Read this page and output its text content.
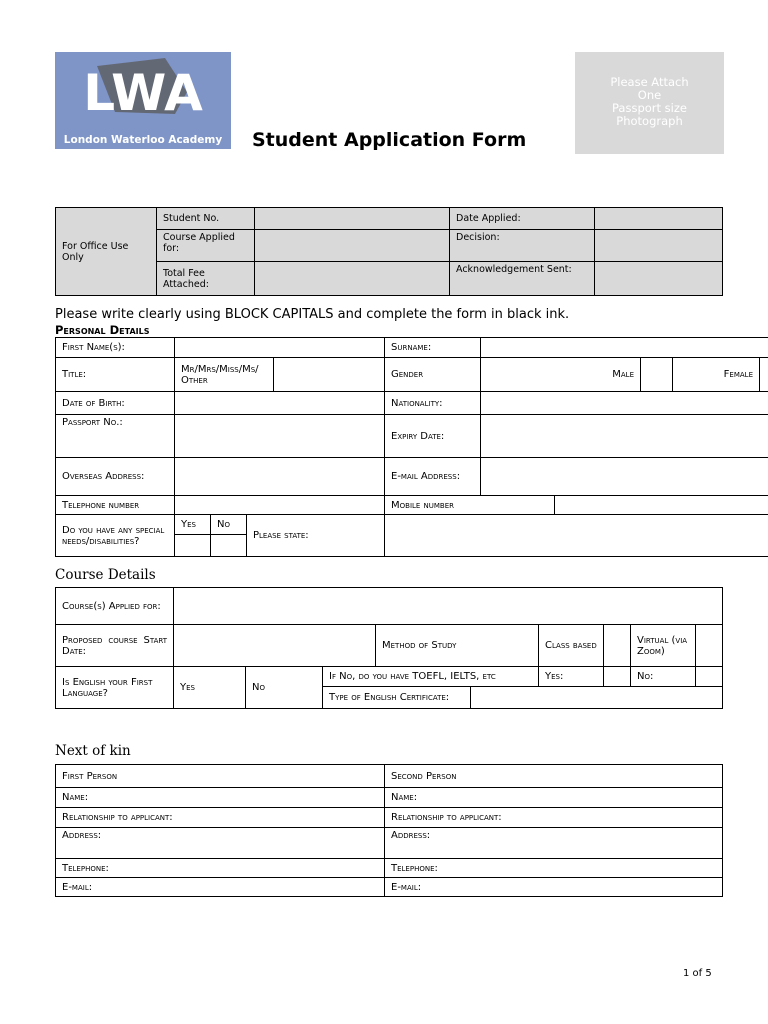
LWA
London Waterloo Academy
Please Attach
One
Passport size
Photograph
Student Application Form
For Office Use Only	Student No.		Date Applied:	
	Course Applied for:		Decision:	
	Total Fee Attached:		Acknowledgement Sent:	
Please write clearly using BLOCK CAPITALS and complete the form in black ink.
Personal Details
First Name(s):					Surname:					
Title:	Mr/Mrs/Miss/Ms/ Other				Gender	Male			Female	
Date of Birth:					Nationality:					
Passport No.:					Expiry Date:					
Overseas Address:					E-mail Address:					
Telephone number					Mobile number					
Do you have any special needs/disabilities?	Yes	No	Please state:							

Course Details
Course(s) Applied for:									
Proposed course Start Date:				Method of Study		Class based		Virtual (via Zoom)	
Is English your First Language?	Yes	No	If No, do you have TOEFL, IELTS, etc			Yes:		No:	
			Type of English Certificate:						
Next of kin
First Person	Second Person
Name:	Name:
Relationship to applicant:	Relationship to applicant:
Address:	Address:
Telephone:	Telephone:
E-mail:	E-mail:
1 of 5
